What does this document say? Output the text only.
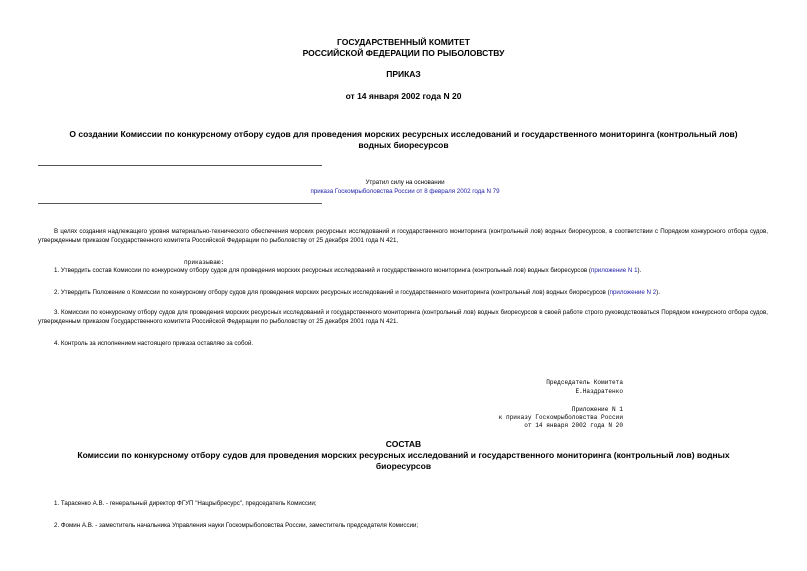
ГОСУДАРСТВЕННЫЙ КОМИТЕТ
РОССИЙСКОЙ ФЕДЕРАЦИИ ПО РЫБОЛОВСТВУ
ПРИКАЗ
от 14 января 2002 года N 20
О создании Комиссии по конкурсному отбору судов для проведения морских ресурсных исследований и государственного мониторинга (контрольный лов)
водных биоресурсов
Утратил силу на основании
приказа Госкомрыболовства России от 8 февраля 2002 года N 79
В целях создания надлежащего уровня материально-технического обеспечения морских ресурсных исследований и государственного мониторинга (контрольный лов) водных биоресурсов, в соответствии с Порядком конкурсного отбора судов, утвержденным приказом Государственного комитета Российской Федерации по рыболовству от 25 декабря 2001 года N 421,
приказываю:
1. Утвердить состав Комиссии по конкурсному отбору судов для проведения морских ресурсных исследований и государственного мониторинга (контрольный лов) водных биоресурсов (приложение N 1).
2. Утвердить Положение о Комиссии по конкурсному отбору судов для проведения морских ресурсных исследований и государственного мониторинга (контрольный лов) водных биоресурсов (приложение N 2).
3. Комиссии по конкурсному отбору судов для проведения морских ресурсных исследований и государственного мониторинга (контрольный лов) водных биоресурсов в своей работе строго руководствоваться Порядком конкурсного отбора судов, утвержденным приказом Государственного комитета Российской Федерации по рыболовству от 25 декабря 2001 года N 421.
4. Контроль за исполнением настоящего приказа оставляю за собой.
Председатель Комитета
Е.Наздратенко
Приложение N 1
к приказу Госкомрыболовства России
от 14 января 2002 года N 20
СОСТАВ
Комиссии по конкурсному отбору судов для проведения морских ресурсных исследований и государственного мониторинга (контрольный лов) водных
биоресурсов
1. Тарасенко А.В. - генеральный директор ФГУП "Нацрыбресурс", председатель Комиссии;
2. Фомин А.В. - заместитель начальника Управления науки Госкомрыболовства России, заместитель председателя Комиссии;
